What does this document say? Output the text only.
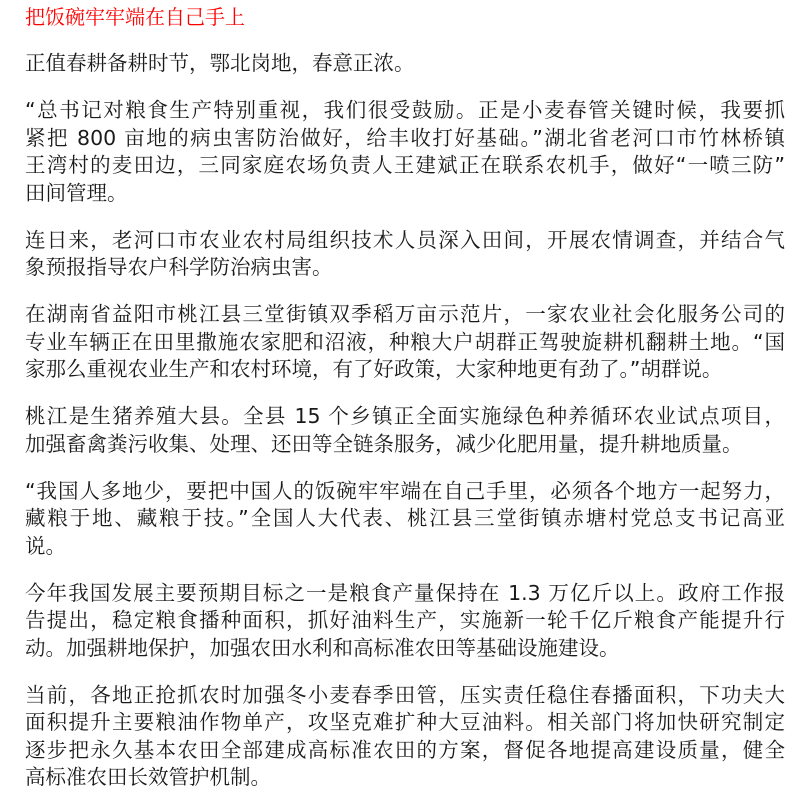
把饭碗牢牢端在自己手上
正值春耕备耕时节，鄂北岗地，春意正浓。
“总书记对粮食生产特别重视，我们很受鼓励。正是小麦春管关键时候，我要抓
紧把 800 亩地的病虫害防治做好，给丰收打好基础。”湖北省老河口市竹林桥镇
王湾村的麦田边，三同家庭农场负责人王建斌正在联系农机手，做好“一喷三防”
田间管理。
连日来，老河口市农业农村局组织技术人员深入田间，开展农情调查，并结合气
象预报指导农户科学防治病虫害。
在湖南省益阳市桃江县三堂街镇双季稻万亩示范片，一家农业社会化服务公司的
专业车辆正在田里撒施农家肥和沼液，种粮大户胡群正驾驶旋耕机翻耕土地。“国
家那么重视农业生产和农村环境，有了好政策，大家种地更有劲了。”胡群说。
桃江是生猪养殖大县。全县 15 个乡镇正全面实施绿色种养循环农业试点项目，
加强畜禽粪污收集、处理、还田等全链条服务，减少化肥用量，提升耕地质量。
“我国人多地少，要把中国人的饭碗牢牢端在自己手里，必须各个地方一起努力，
藏粮于地、藏粮于技。”全国人大代表、桃江县三堂街镇赤塘村党总支书记高亚
说。
今年我国发展主要预期目标之一是粮食产量保持在 1.3 万亿斤以上。政府工作报
告提出，稳定粮食播种面积，抓好油料生产，实施新一轮千亿斤粮食产能提升行
动。加强耕地保护，加强农田水利和高标准农田等基础设施建设。
当前，各地正抢抓农时加强冬小麦春季田管，压实责任稳住春播面积，下功夫大
面积提升主要粮油作物单产，攻坚克难扩种大豆油料。相关部门将加快研究制定
逐步把永久基本农田全部建成高标准农田的方案，督促各地提高建设质量，健全
高标准农田长效管护机制。
